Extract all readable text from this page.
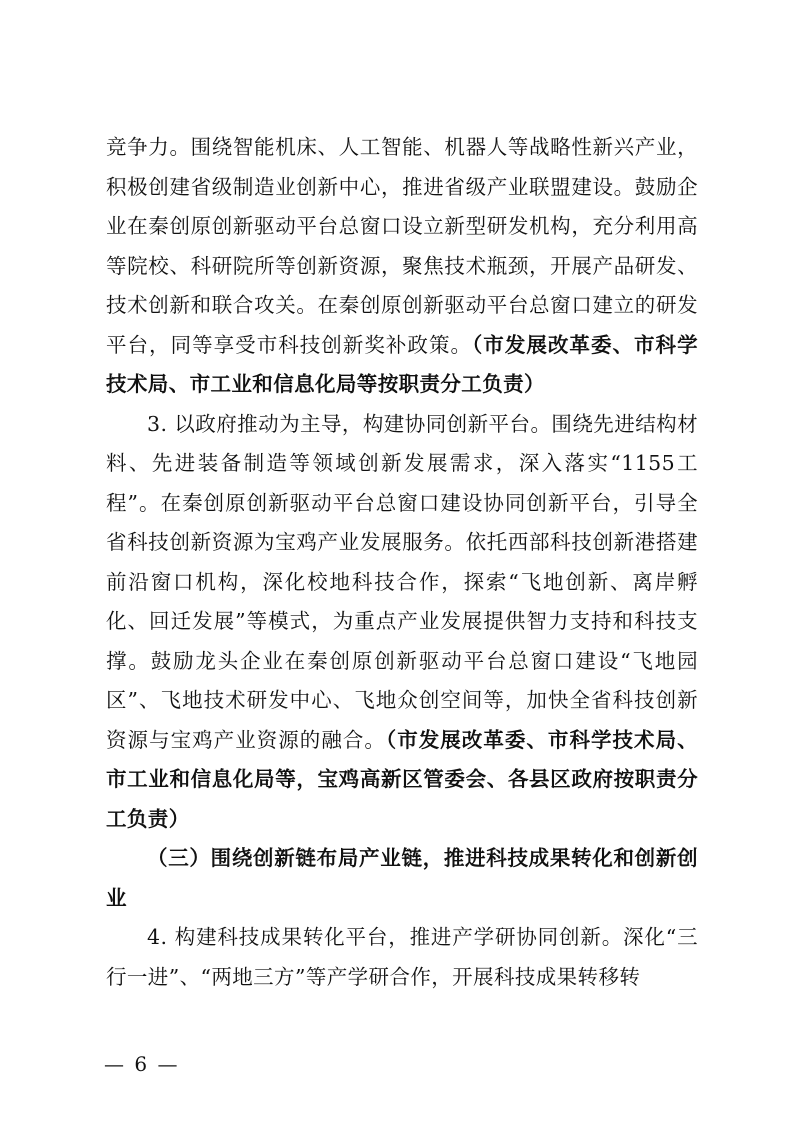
竞争力。围绕智能机床、人工智能、机器人等战略性新兴产业，积极创建省级制造业创新中心，推进省级产业联盟建设。鼓励企业在秦创原创新驱动平台总窗口设立新型研发机构，充分利用高等院校、科研院所等创新资源，聚焦技术瓶颈，开展产品研发、技术创新和联合攻关。在秦创原创新驱动平台总窗口建立的研发平台，同等享受市科技创新奖补政策。（市发展改革委、市科学技术局、市工业和信息化局等按职责分工负责）

3. 以政府推动为主导，构建协同创新平台。围绕先进结构材料、先进装备制造等领域创新发展需求，深入落实“1155工程”。在秦创原创新驱动平台总窗口建设协同创新平台，引导全省科技创新资源为宝鸡产业发展服务。依托西部科技创新港搭建前沿窗口机构，深化校地科技合作，探索“飞地创新、离岸孵化、回迁发展”等模式，为重点产业发展提供智力支持和科技支撑。鼓励龙头企业在秦创原创新驱动平台总窗口建设“飞地园区”、飞地技术研发中心、飞地众创空间等，加快全省科技创新资源与宝鸡产业资源的融合。（市发展改革委、市科学技术局、市工业和信息化局等，宝鸡高新区管委会、各县区政府按职责分工负责）

（三）围绕创新链布局产业链，推进科技成果转化和创新创业

4. 构建科技成果转化平台，推进产学研协同创新。深化“三行一进”、“两地三方”等产学研合作，开展科技成果转移转

— 6 —
